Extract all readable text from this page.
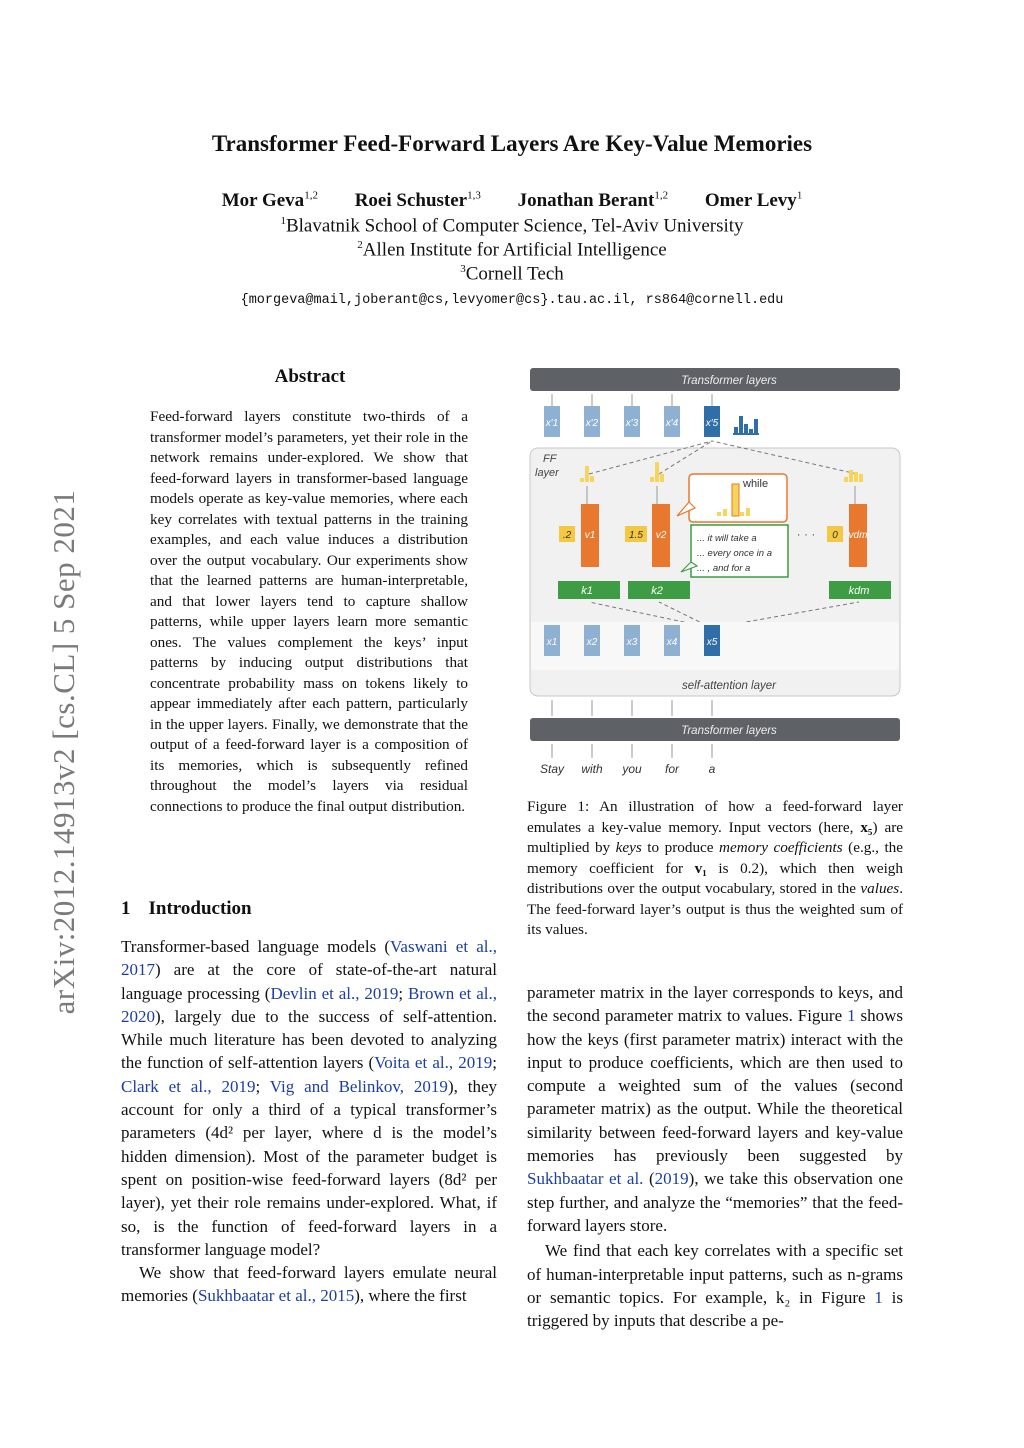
Transformer Feed-Forward Layers Are Key-Value Memories
Mor Geva$^{1,2}$ Roei Schuster$^{1,3}$ Jonathan Berant$^{1,2}$ Omer Levy$^1$
$^1$Blavatnik School of Computer Science, Tel-Aviv University
$^2$Allen Institute for Artificial Intelligence
$^3$Cornell Tech
{morgeva@mail,joberant@cs,levyomer@cs}.tau.ac.il, rs864@cornell.edu
arXiv:2012.14913v2 [cs.CL] 5 Sep 2021
Abstract
Feed-forward layers constitute two-thirds of a transformer model’s parameters, yet their role in the network remains under-explored. We show that feed-forward layers in transformer-based language models operate as key-value memories, where each key correlates with textual patterns in the training examples, and each value induces a distribution over the output vocabulary. Our experiments show that the learned patterns are human-interpretable, and that lower layers tend to capture shallow patterns, while upper layers learn more semantic ones. The values complement the keys’ input patterns by inducing output distributions that concentrate probability mass on tokens likely to appear immediately after each pattern, particularly in the upper layers. Finally, we demonstrate that the output of a feed-forward layer is a composition of its memories, which is subsequently refined throughout the model’s layers via residual connections to produce the final output distribution.
1 Introduction

Transformer-based language models (Vaswani et al., 2017) are at the core of state-of-the-art natural language processing (Devlin et al., 2019; Brown et al., 2020), largely due to the success of self-attention. While much literature has been devoted to analyzing the function of self-attention layers (Voita et al., 2019; Clark et al., 2019; Vig and Belinkov, 2019), they account for only a third of a typical transformer’s parameters (4d² per layer, where d is the model’s hidden dimension). Most of the parameter budget is spent on position-wise feed-forward layers (8d² per layer), yet their role remains under-explored. What, if so, is the function of feed-forward layers in a transformer language model?

We show that feed-forward layers emulate neural memories (Sukhbaatar et al., 2015), where the first

parameter matrix in the layer corresponds to keys, and the second parameter matrix to values. Figure 1 shows how the keys (first parameter matrix) interact with the input to produce coefficients, which are then used to compute a weighted sum of the values (second parameter matrix) as the output. While the theoretical similarity between feed-forward layers and key-value memories has previously been suggested by Sukhbaatar et al. (2019), we take this observation one step further, and analyze the “memories” that the feed-forward layers store.

We find that each key correlates with a specific set of human-interpretable input patterns, such as n-grams or semantic topics. For example, k₂ in Figure 1 is triggered by inputs that describe a pe-

Transformer layers
x′1	x′2	x′3	x′4	x′5
FF
layer
while
.2 v1	1.5 v2	0 vdm
· · ·
... it will take a
... every once in a
... , and for a
k1	k2	kdm
x1	x2	x3	x4	x5
self-attention layer
Transformer layers
Stay with you for a
Figure 1: An illustration of how a feed-forward layer emulates a key-value memory. Input vectors (here, x₅) are multiplied by keys to produce memory coefficients (e.g., the memory coefficient for v₁ is 0.2), which then weigh distributions over the output vocabulary, stored in the values. The feed-forward layer’s output is thus the weighted sum of its values.
